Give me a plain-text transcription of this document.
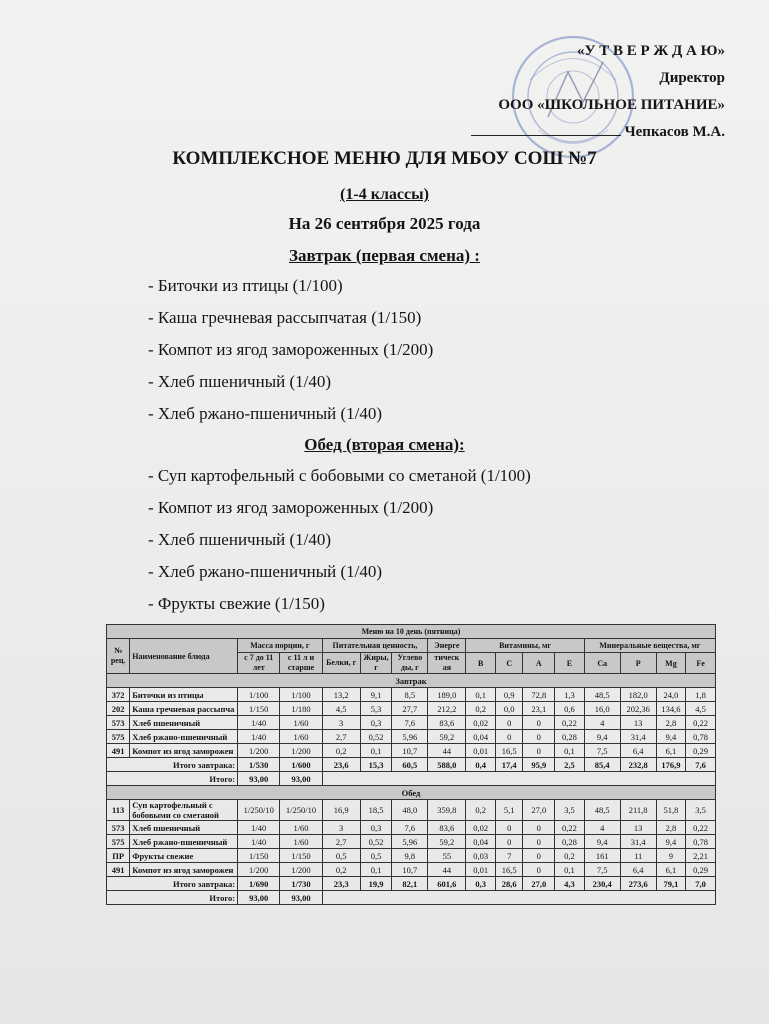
«У Т В Е Р Ж Д А Ю»
Директор
ООО «ШКОЛЬНОЕ ПИТАНИЕ»
Чепкасов М.А.
КОМПЛЕКСНОЕ МЕНЮ ДЛЯ МБОУ СОШ №7
(1-4 классы)
На 26 сентября 2025 года
Завтрак (первая смена) :
- Биточки из птицы (1/100)
- Каша гречневая рассыпчатая (1/150)
- Компот из ягод замороженных (1/200)
- Хлеб пшеничный (1/40)
- Хлеб ржано-пшеничный (1/40)
Обед (вторая смена):
- Суп картофельный с бобовыми со сметаной (1/100)
- Компот из ягод замороженных (1/200)
- Хлеб пшеничный (1/40)
- Хлеб ржано-пшеничный (1/40)
- Фрукты свежие (1/150)
Меню на 10 день (пятница)															
№ рец.	Наименование блюда	Масса порции, г		Питательная ценность,			Энерге	Витамины, мг				Минеральные вещества, мг			
		с 7 до 11 лет	с 11 л и старше	Белки, г	Жиры, г	Углево ды, г	тическ ая	B	C	A	E	Ca	P	Mg	Fe
Завтрак															
372	Биточки из птицы	1/100	1/100	13,2	9,1	8,5	189,0	0,1	0,9	72,8	1,3	48,5	182,0	24,0	1,8
202	Каша гречневая рассыпча	1/150	1/180	4,5	5,3	27,7	212,2	0,2	0,0	23,1	0,6	16,0	202,36	134,6	4,5
573	Хлеб пшеничный	1/40	1/60	3	0,3	7,6	83,6	0,02	0	0	0,22	4	13	2,8	0,22
575	Хлеб ржано-пшеничный	1/40	1/60	2,7	0,52	5,96	59,2	0,04	0	0	0,28	9,4	31,4	9,4	0,78
491	Компот из ягод заморожен	1/200	1/200	0,2	0,1	10,7	44	0,01	16,5	0	0,1	7,5	6,4	6,1	0,29
Итого завтрака:		1/530	1/600	23,6	15,3	60,5	588,0	0,4	17,4	95,9	2,5	85,4	232,8	176,9	7,6
Итого:		93,00	93,00												
Обед															
113	Суп картофельный с бобовыми со сметаной	1/250/10	1/250/10	16,9	18,5	48,0	359,8	0,2	5,1	27,0	3,5	48,5	211,8	51,8	3,5
573	Хлеб пшеничный	1/40	1/60	3	0,3	7,6	83,6	0,02	0	0	0,22	4	13	2,8	0,22
575	Хлеб ржано-пшеничный	1/40	1/60	2,7	0,52	5,96	59,2	0,04	0	0	0,28	9,4	31,4	9,4	0,78
ПР	Фрукты свежие	1/150	1/150	0,5	0,5	9,8	55	0,03	7	0	0,2	161	11	9	2,21
491	Компот из ягод заморожен	1/200	1/200	0,2	0,1	10,7	44	0,01	16,5	0	0,1	7,5	6,4	6,1	0,29
Итого завтрака:		1/690	1/730	23,3	19,9	82,1	601,6	0,3	28,6	27,0	4,3	230,4	273,6	79,1	7,0
Итого:		93,00	93,00												
